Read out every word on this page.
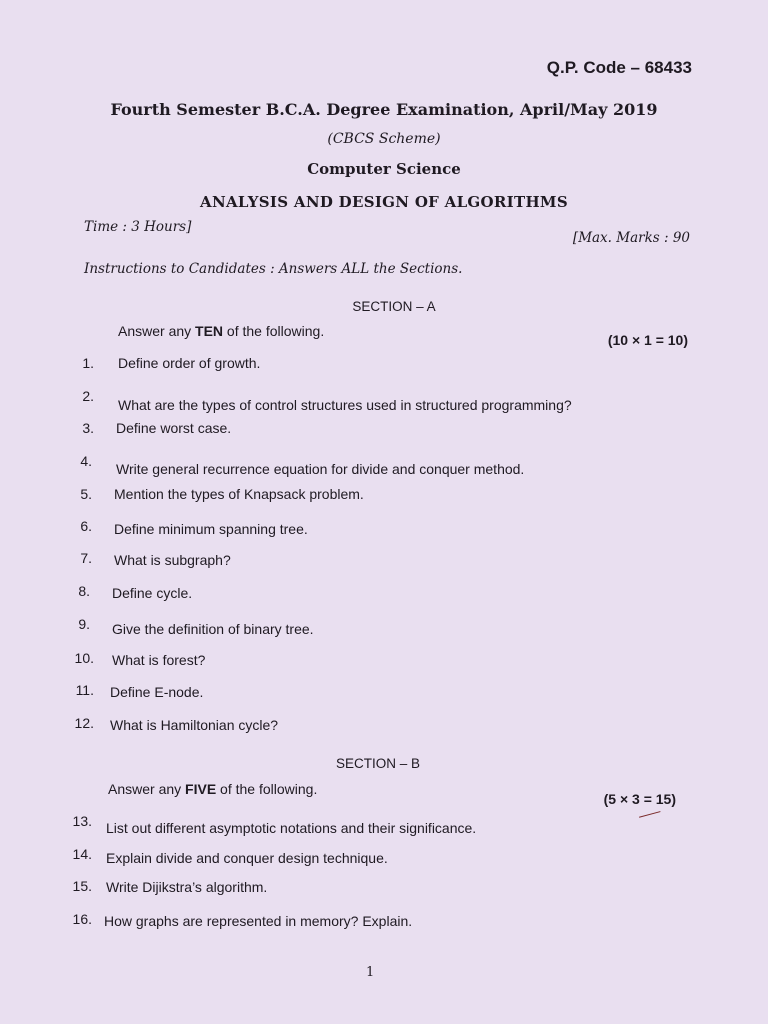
Q.P. Code – 68433
Fourth Semester B.C.A. Degree Examination, April/May 2019
(CBCS Scheme)
Computer Science
ANALYSIS AND DESIGN OF ALGORITHMS
Time : 3 Hours]
[Max. Marks : 90
Instructions to Candidates : Answers ALL the Sections.
SECTION – A
Answer any TEN of the following.
(10 × 1 = 10)
1. Define order of growth.
2.
What are the types of control structures used in structured programming?
3. Define worst case.
4. Write general recurrence equation for divide and conquer method.
5. Mention the types of Knapsack problem.
6. Define minimum spanning tree.
7. What is subgraph?
8. Define cycle.
9. Give the definition of binary tree.
10. What is forest?
11. Define E-node.
12. What is Hamiltonian cycle?
SECTION – B
Answer any FIVE of the following.
(5 × 3 = 15)
13. List out different asymptotic notations and their significance.
14. Explain divide and conquer design technique.
15. Write Dijikstra’s algorithm.
16. How graphs are represented in memory? Explain.
1
